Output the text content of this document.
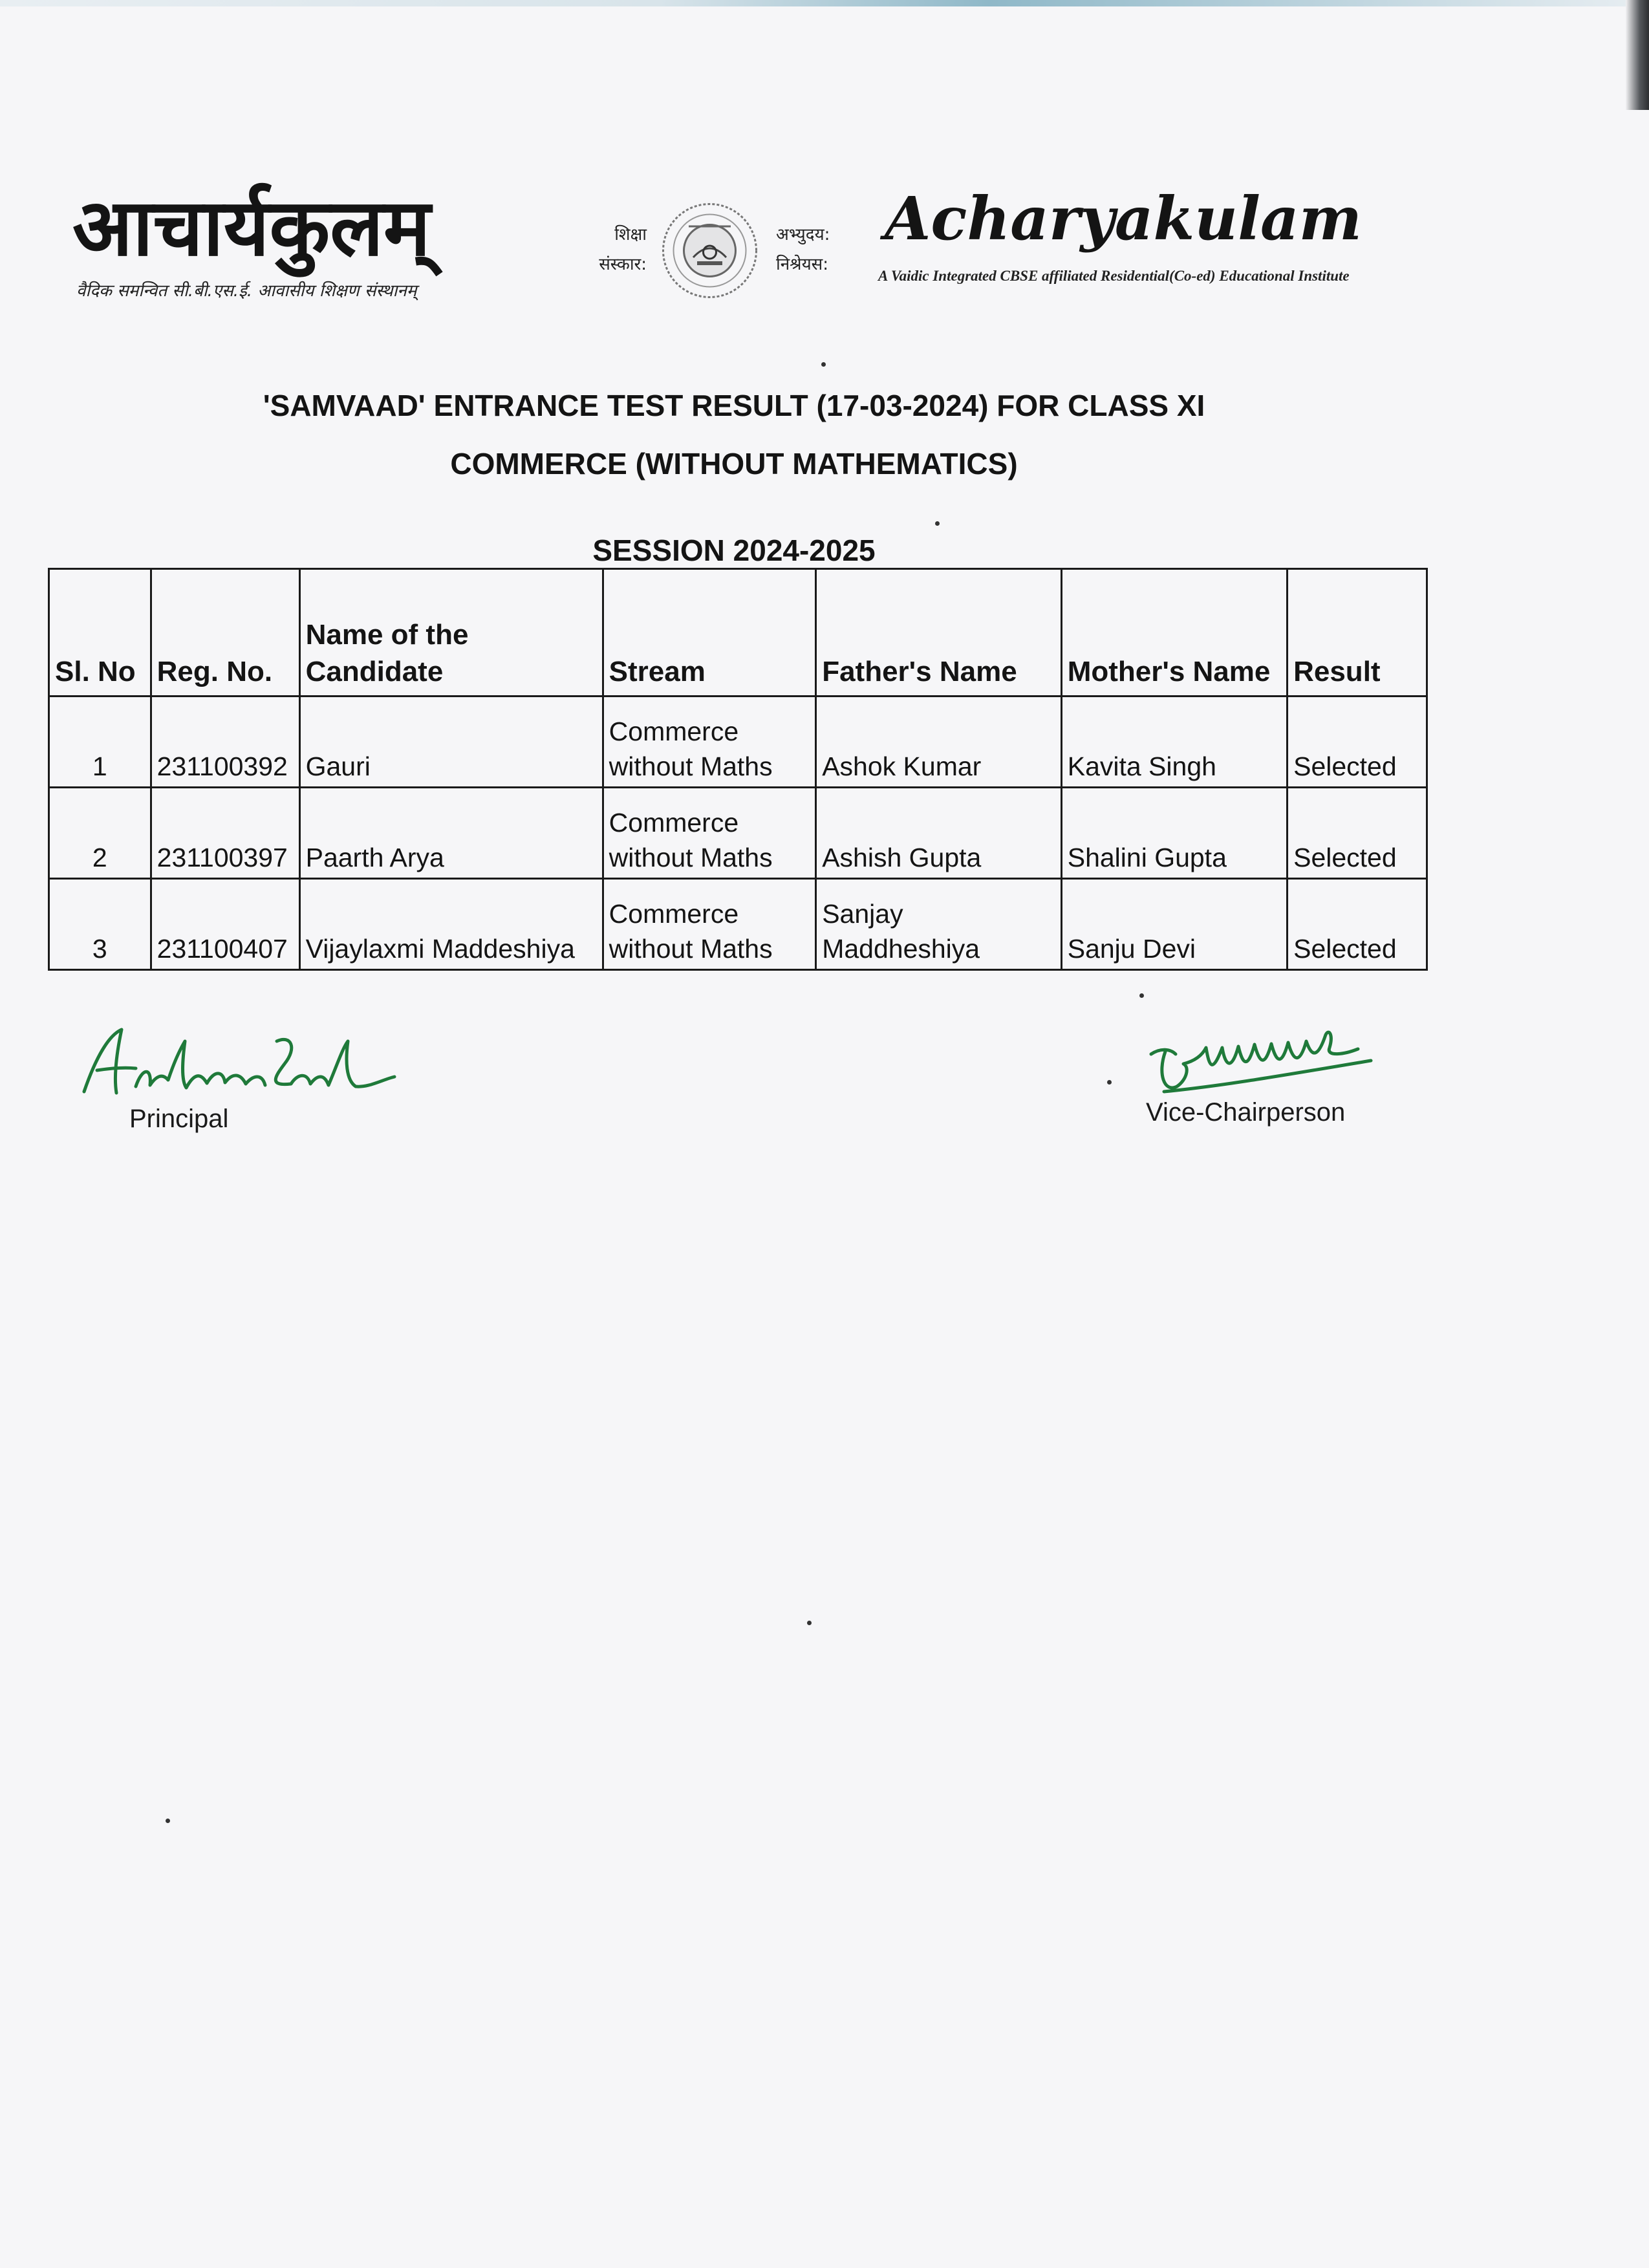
आचार्यकुलम्
वैदिक समन्वित सी.बी.एस.ई. आवासीय शिक्षण संस्थानम्
शिक्षा
संस्कार:
अभ्युदय:
निश्रेयस:
Acharyakulam
A Vaidic Integrated CBSE affiliated Residential(Co-ed) Educational Institute
'SAMVAAD' ENTRANCE TEST RESULT (17-03-2024) FOR CLASS XI
COMMERCE (WITHOUT MATHEMATICS)
SESSION 2024-2025
Sl. No	Reg. No.	Name of the Candidate	Stream	Father's Name	Mother's Name	Result
1	231100392	Gauri	Commerce without Maths	Ashok Kumar	Kavita Singh	Selected
2	231100397	Paarth Arya	Commerce without Maths	Ashish Gupta	Shalini Gupta	Selected
3	231100407	Vijaylaxmi Maddeshiya	Commerce without Maths	Sanjay Maddheshiya	Sanju Devi	Selected
Principal	Vice-Chairperson
